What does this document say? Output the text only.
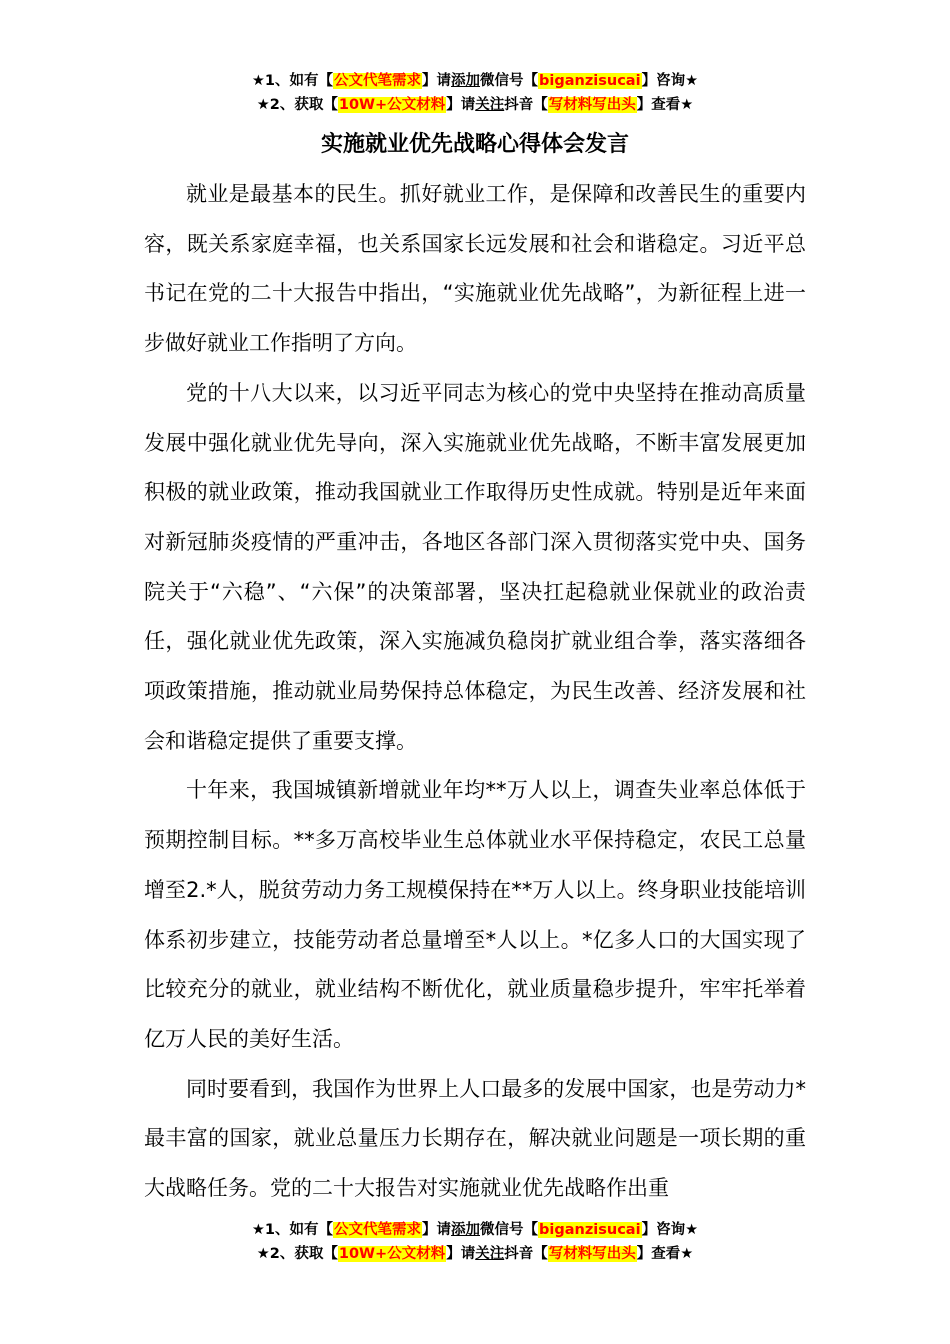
★1、如有【公文代笔需求】请添加微信号【biganzisucai】咨询★
★2、获取【10W+公文材料】请关注抖音【写材料写出头】查看★
实施就业优先战略心得体会发言

就业是最基本的民生。抓好就业工作，是保障和改善民生的重要内容，既关系家庭幸福，也关系国家长远发展和社会和谐稳定。习近平总书记在党的二十大报告中指出，“实施就业优先战略”，为新征程上进一步做好就业工作指明了方向。

党的十八大以来，以习近平同志为核心的党中央坚持在推动高质量发展中强化就业优先导向，深入实施就业优先战略，不断丰富发展更加积极的就业政策，推动我国就业工作取得历史性成就。特别是近年来面对新冠肺炎疫情的严重冲击，各地区各部门深入贯彻落实党中央、国务院关于“六稳”、“六保”的决策部署，坚决扛起稳就业保就业的政治责任，强化就业优先政策，深入实施减负稳岗扩就业组合拳，落实落细各项政策措施，推动就业局势保持总体稳定，为民生改善、经济发展和社会和谐稳定提供了重要支撑。

十年来，我国城镇新增就业年均**万人以上，调查失业率总体低于预期控制目标。**多万高校毕业生总体就业水平保持稳定，农民工总量增至2.*人，脱贫劳动力务工规模保持在**万人以上。终身职业技能培训体系初步建立，技能劳动者总量增至*人以上。*亿多人口的大国实现了比较充分的就业，就业结构不断优化，就业质量稳步提升，牢牢托举着亿万人民的美好生活。

同时要看到，我国作为世界上人口最多的发展中国家，也是劳动力*最丰富的国家，就业总量压力长期存在，解决就业问题是一项长期的重大战略任务。党的二十大报告对实施就业优先战略作出重

★1、如有【公文代笔需求】请添加微信号【biganzisucai】咨询★
★2、获取【10W+公文材料】请关注抖音【写材料写出头】查看★
